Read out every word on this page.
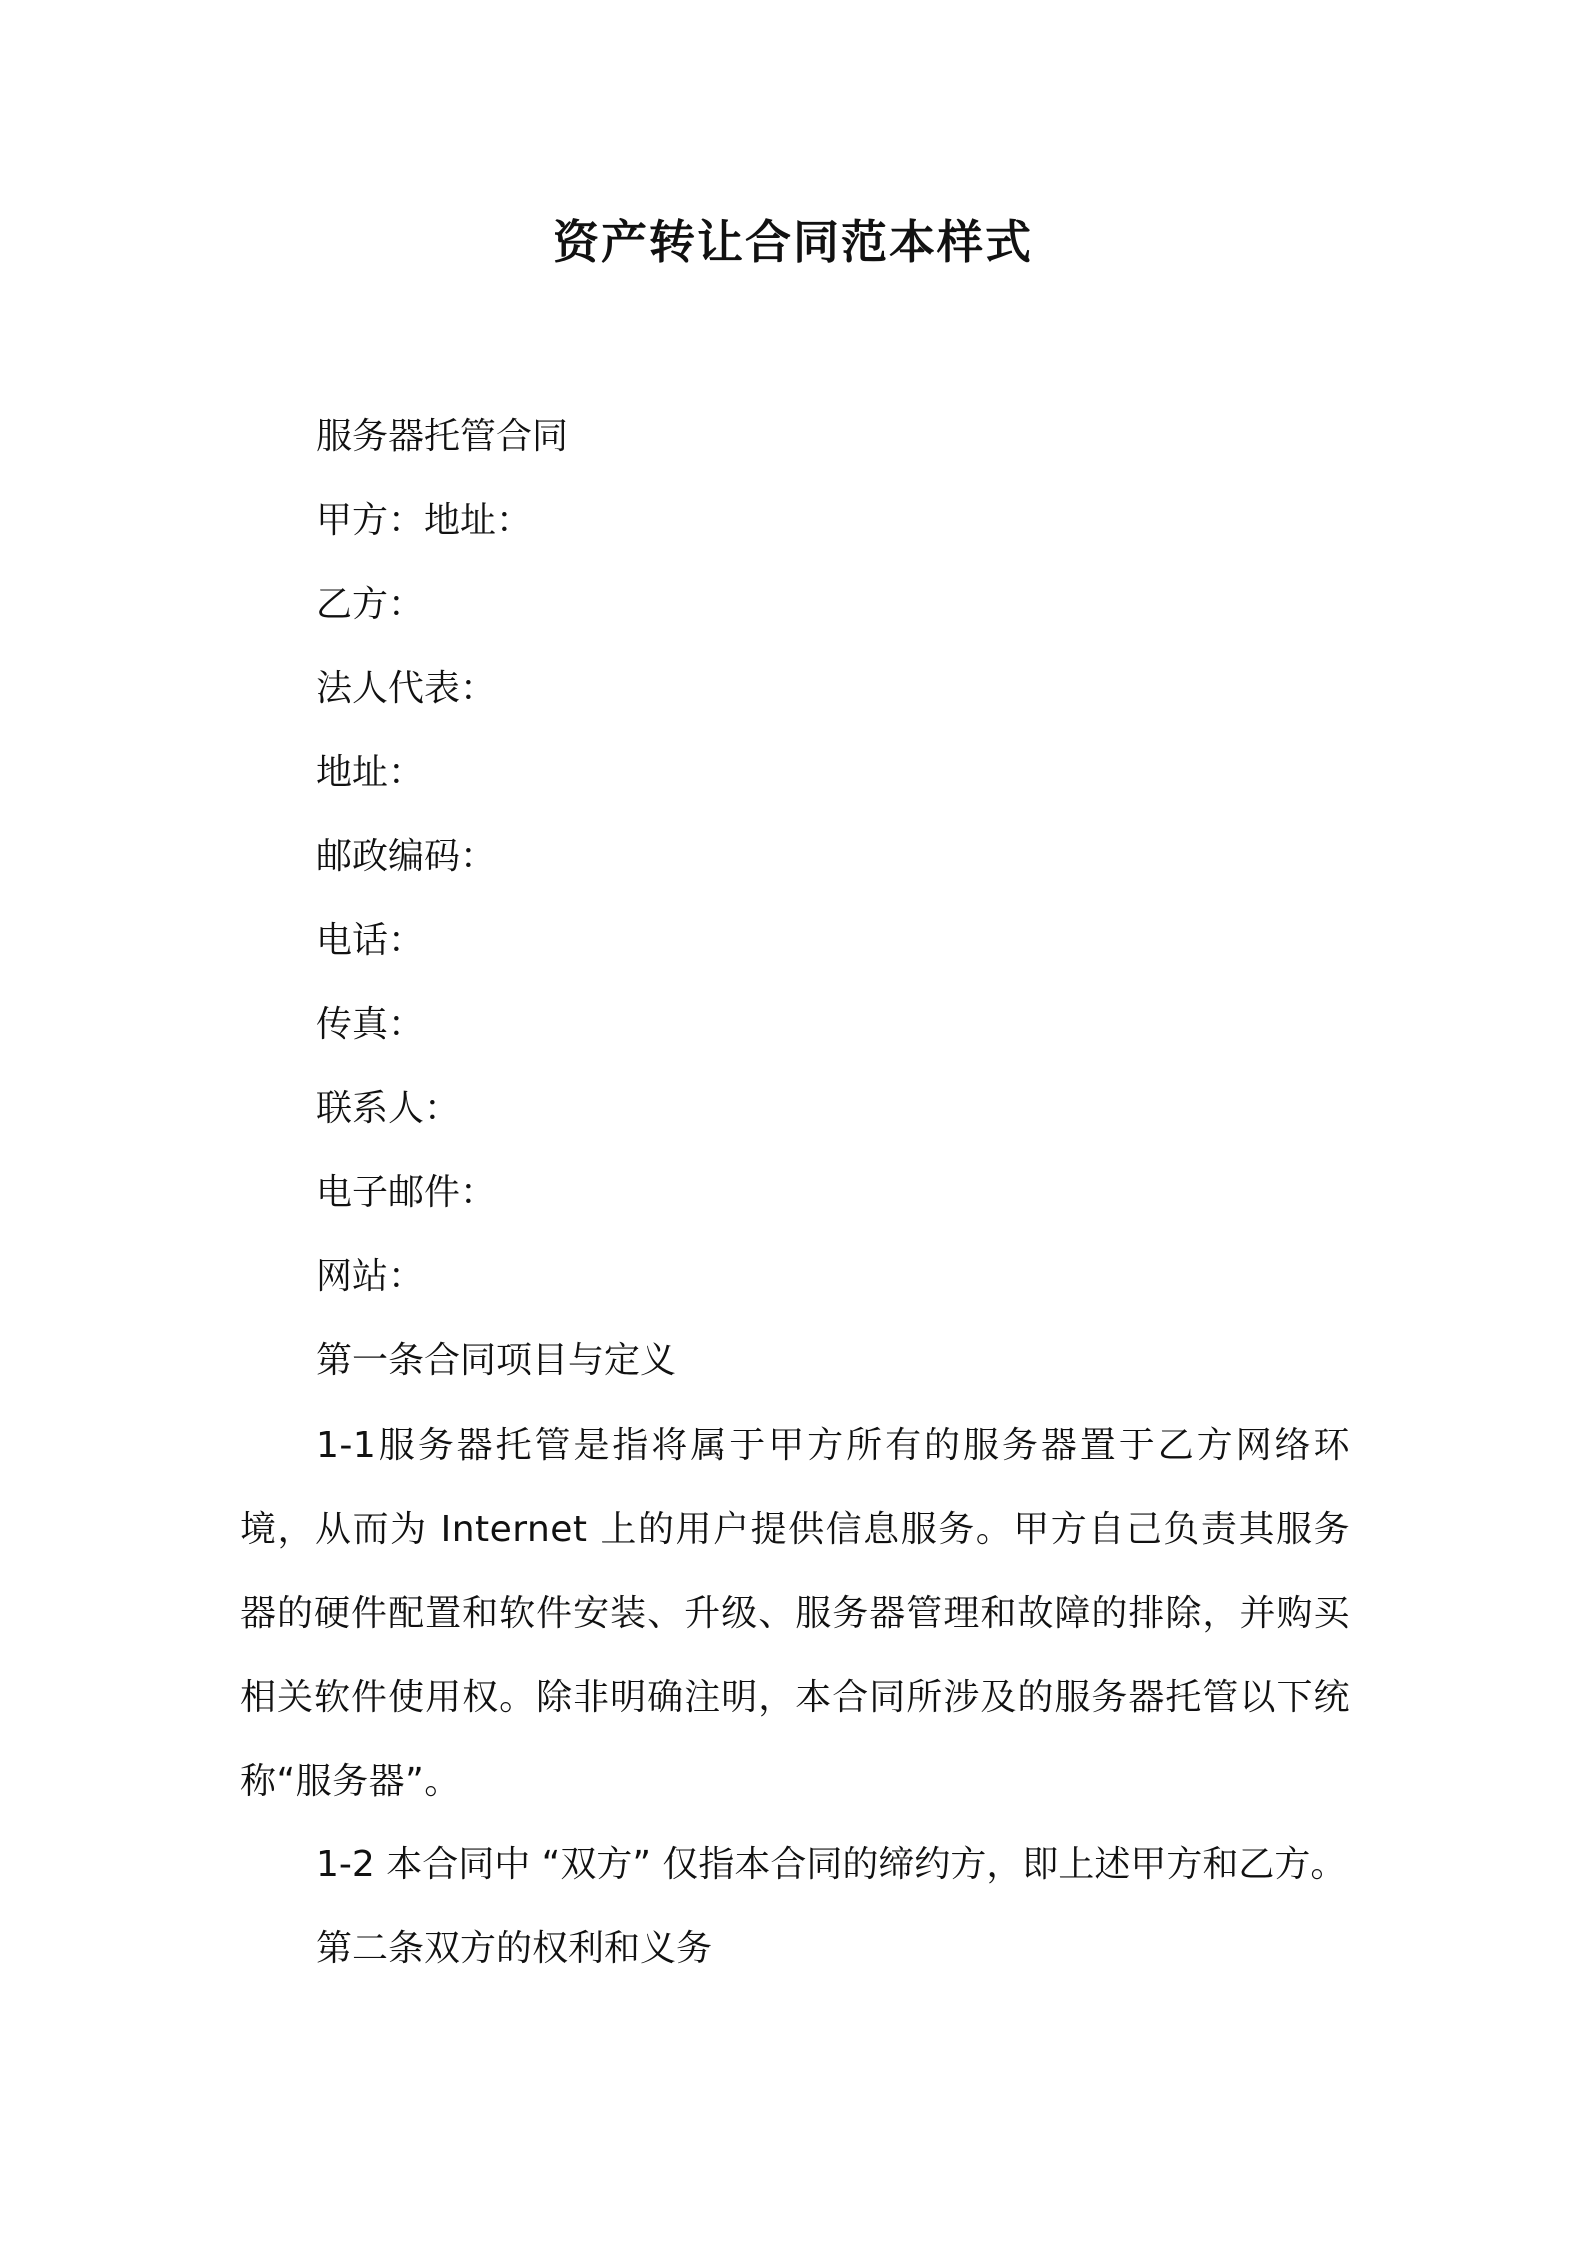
资产转让合同范本样式
服务器托管合同
甲方：地址：
乙方：
法人代表：
地址：
邮政编码：
电话：
传真：
联系人：
电子邮件：
网站：
第一条合同项目与定义
1-1服务器托管是指将属于甲方所有的服务器置于乙方网络环境，从而为 Internet 上的用户提供信息服务。甲方自己负责其服务器的硬件配置和软件安装、升级、服务器管理和故障的排除，并购买相关软件使用权。除非明确注明，本合同所涉及的服务器托管以下统称“服务器”。
1-2 本合同中 “双方” 仅指本合同的缔约方，即上述甲方和乙方。
第二条双方的权利和义务
